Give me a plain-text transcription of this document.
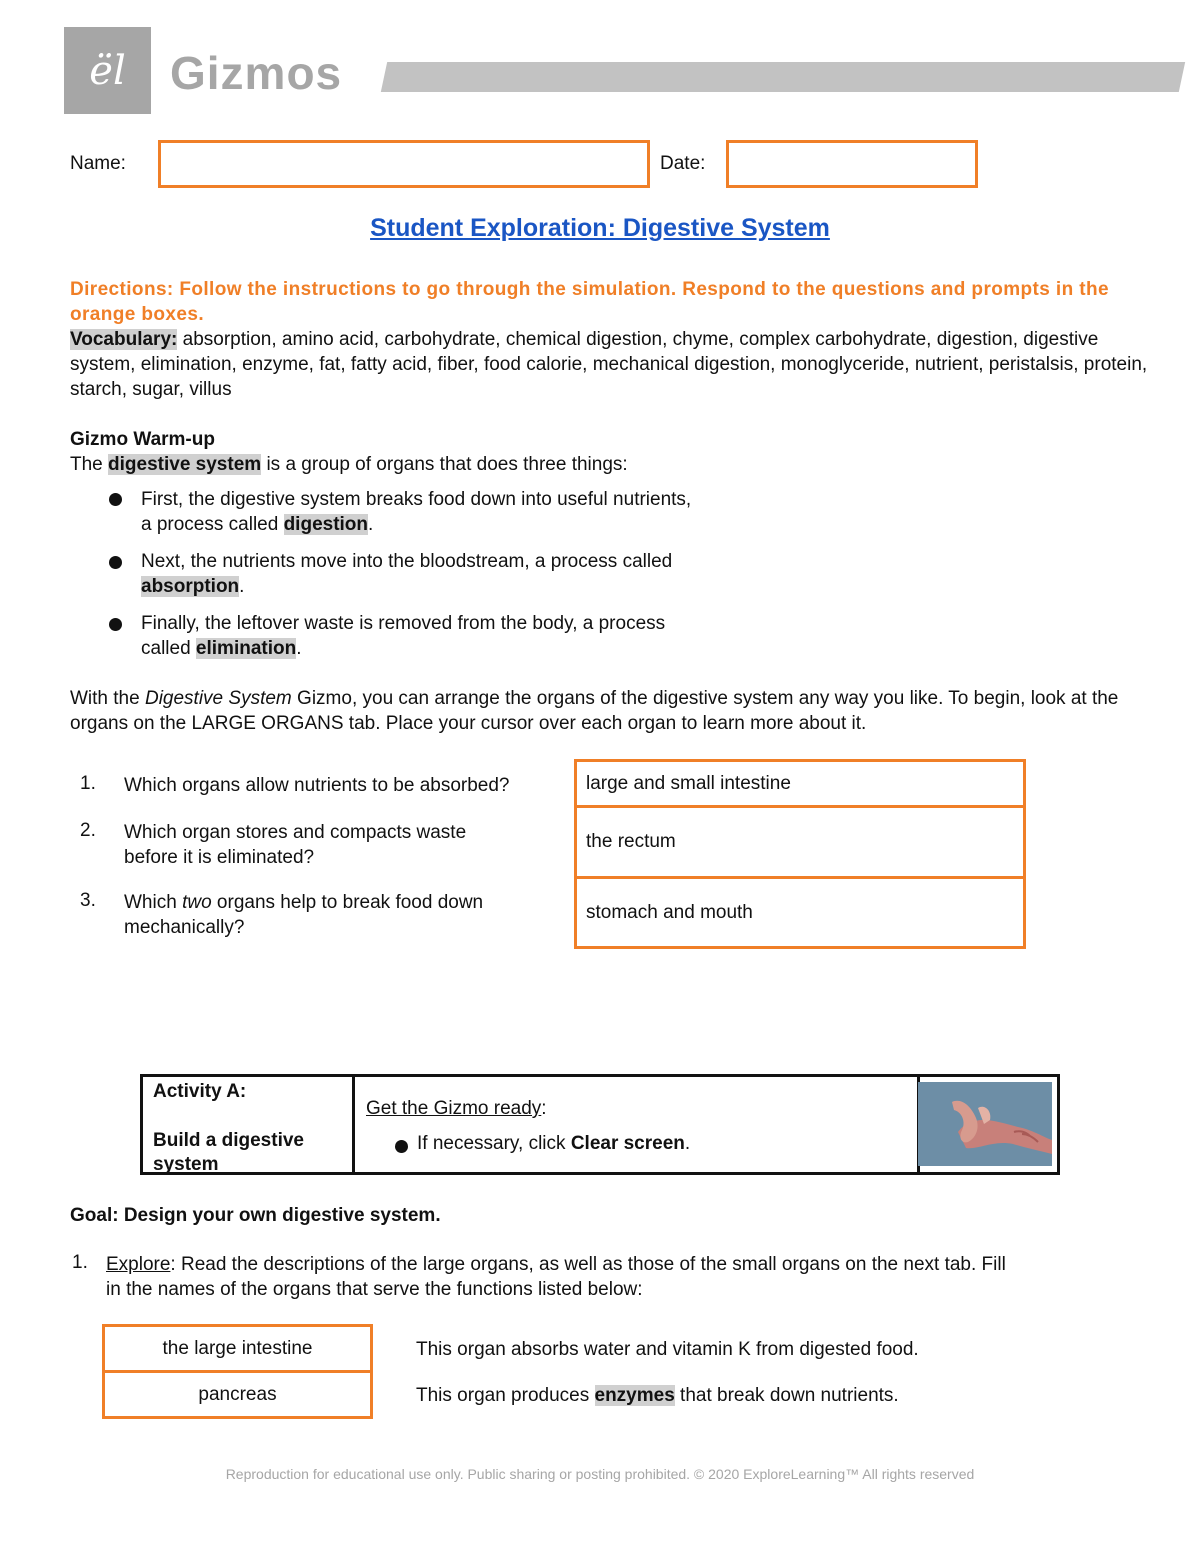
ël Gizmos
Name:	Date:
Student Exploration: Digestive System
Directions: Follow the instructions to go through the simulation. Respond to the questions and prompts in the orange boxes.
Vocabulary: absorption, amino acid, carbohydrate, chemical digestion, chyme, complex carbohydrate, digestion, digestive system, elimination, enzyme, fat, fatty acid, fiber, food calorie, mechanical digestion, monoglyceride, nutrient, peristalsis, protein, starch, sugar, villus
Gizmo Warm-up
The digestive system is a group of organs that does three things:
First, the digestive system breaks food down into useful nutrients,
a process called digestion.
Next, the nutrients move into the bloodstream, a process called
absorption.
Finally, the leftover waste is removed from the body, a process
called elimination.
With the Digestive System Gizmo, you can arrange the organs of the digestive system any way you like. To begin, look at the organs on the LARGE ORGANS tab. Place your cursor over each organ to learn more about it.
1. Which organs allow nutrients to be absorbed?
2. Which organ stores and compacts waste
before it is eliminated?
3. Which two organs help to break food down
mechanically?
large and small intestine
the rectum
stomach and mouth
Activity A:
Build a digestive
system
Get the Gizmo ready:
If necessary, click Clear screen.
Goal: Design your own digestive system.
1. Explore: Read the descriptions of the large organs, as well as those of the small organs on the next tab. Fill
in the names of the organs that serve the functions listed below:
the large intestine
pancreas
This organ absorbs water and vitamin K from digested food.
This organ produces enzymes that break down nutrients.
Reproduction for educational use only. Public sharing or posting prohibited. © 2020 ExploreLearning™ All rights reserved
